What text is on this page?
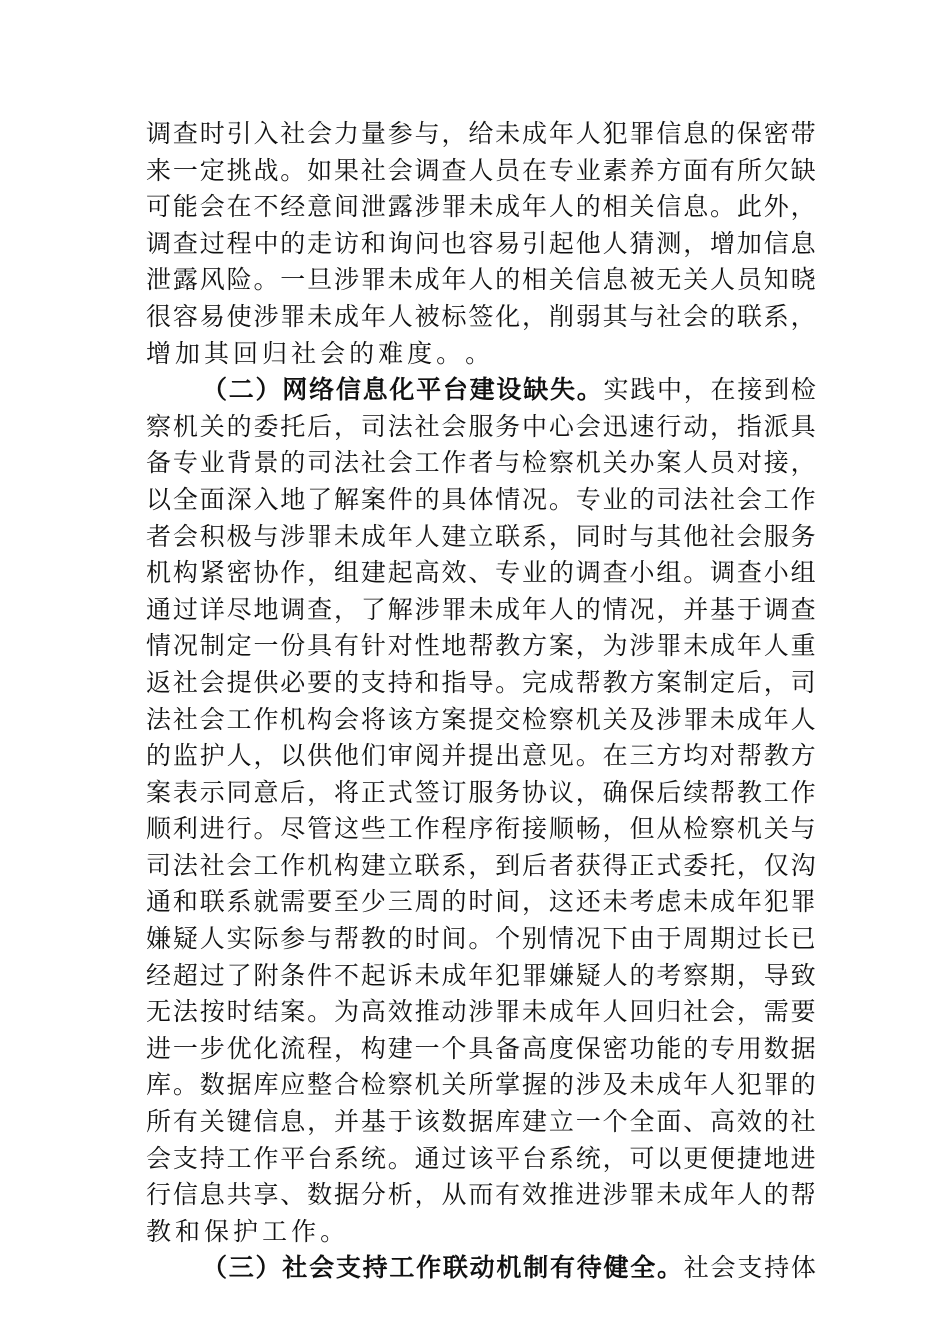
调 查 时 引 入 社 会 力 量 参 与 ， 给 未 成 年 人 犯 罪 信 息 的 保 密 带
来 一 定 挑 战 。 如 果 社 会 调 查 人 员 在 专 业 素 养 方 面 有 所 欠 缺
可 能 会 在 不 经 意 间 泄 露 涉 罪 未 成 年 人 的 相 关 信 息 。 此 外 ，
调 查 过 程 中 的 走 访 和 询 问 也 容 易 引 起 他 人 猜 测 ， 增 加 信 息
泄 露 风 险 。 一 旦 涉 罪 未 成 年 人 的 相 关 信 息 被 无 关 人 员 知 晓
很 容 易 使 涉 罪 未 成 年 人 被 标 签 化 ， 削 弱 其 与 社 会 的 联 系 ，
增 加 其 回 归 社 会 的 难 度 。 。
（ 二 ） 网 络 信 息 化 平 台 建 设 缺 失 。 实 践 中 ， 在 接 到 检
察 机 关 的 委 托 后 ， 司 法 社 会 服 务 中 心 会 迅 速 行 动 ， 指 派 具
备 专 业 背 景 的 司 法 社 会 工 作 者 与 检 察 机 关 办 案 人 员 对 接 ，
以 全 面 深 入 地 了 解 案 件 的 具 体 情 况 。 专 业 的 司 法 社 会 工 作
者 会 积 极 与 涉 罪 未 成 年 人 建 立 联 系 ， 同 时 与 其 他 社 会 服 务
机 构 紧 密 协 作 ， 组 建 起 高 效 、 专 业 的 调 查 小 组 。 调 查 小 组
通 过 详 尽 地 调 查 ， 了 解 涉 罪 未 成 年 人 的 情 况 ， 并 基 于 调 查
情 况 制 定 一 份 具 有 针 对 性 地 帮 教 方 案 ， 为 涉 罪 未 成 年 人 重
返 社 会 提 供 必 要 的 支 持 和 指 导 。 完 成 帮 教 方 案 制 定 后 ， 司
法 社 会 工 作 机 构 会 将 该 方 案 提 交 检 察 机 关 及 涉 罪 未 成 年 人
的 监 护 人 ， 以 供 他 们 审 阅 并 提 出 意 见 。 在 三 方 均 对 帮 教 方
案 表 示 同 意 后 ， 将 正 式 签 订 服 务 协 议 ， 确 保 后 续 帮 教 工 作
顺 利 进 行 。 尽 管 这 些 工 作 程 序 衔 接 顺 畅 ， 但 从 检 察 机 关 与
司 法 社 会 工 作 机 构 建 立 联 系 ， 到 后 者 获 得 正 式 委 托 ， 仅 沟
通 和 联 系 就 需 要 至 少 三 周 的 时 间 ， 这 还 未 考 虑 未 成 年 犯 罪
嫌 疑 人 实 际 参 与 帮 教 的 时 间 。 个 别 情 况 下 由 于 周 期 过 长 已
经 超 过 了 附 条 件 不 起 诉 未 成 年 犯 罪 嫌 疑 人 的 考 察 期 ， 导 致
无 法 按 时 结 案 。 为 高 效 推 动 涉 罪 未 成 年 人 回 归 社 会 ， 需 要
进 一 步 优 化 流 程 ， 构 建 一 个 具 备 高 度 保 密 功 能 的 专 用 数 据
库 。 数 据 库 应 整 合 检 察 机 关 所 掌 握 的 涉 及 未 成 年 人 犯 罪 的
所 有 关 键 信 息 ， 并 基 于 该 数 据 库 建 立 一 个 全 面 、 高 效 的 社
会 支 持 工 作 平 台 系 统 。 通 过 该 平 台 系 统 ， 可 以 更 便 捷 地 进
行 信 息 共 享 、 数 据 分 析 ， 从 而 有 效 推 进 涉 罪 未 成 年 人 的 帮
教 和 保 护 工 作 。
（ 三 ） 社 会 支 持 工 作 联 动 机 制 有 待 健 全 。 社 会 支 持 体
